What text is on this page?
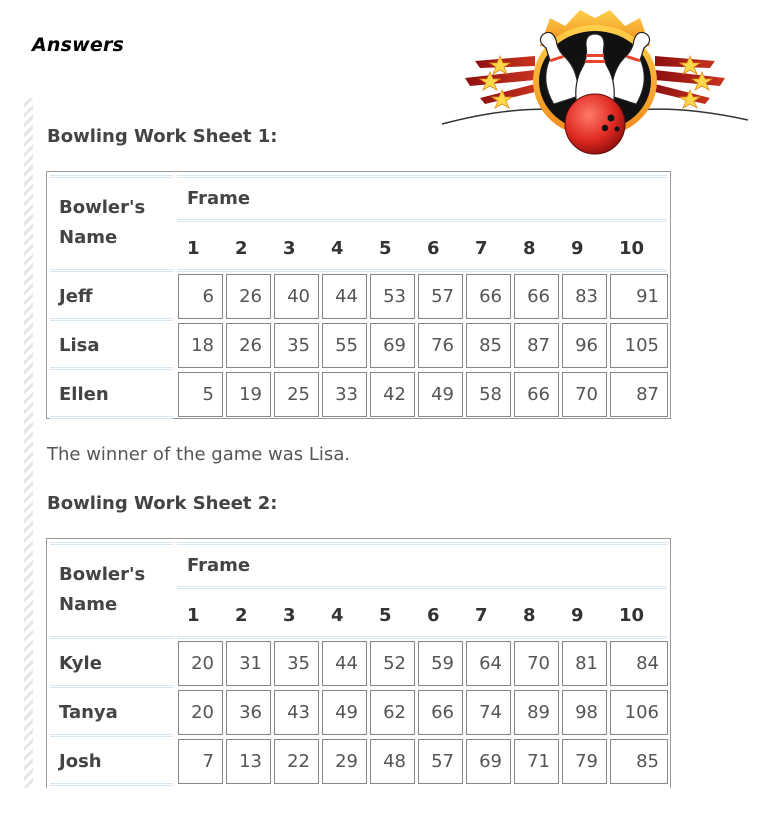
Answers
Bowling Work Sheet 1:
Bowler's
Name
Frame
1 2 3 4 5 6 7 8 9 10
Jeff	6	26	40	44	53	57	66	66	83	91
Lisa	18	26	35	55	69	76	85	87	96	105
Ellen	5	19	25	33	42	49	58	66	70	87
The winner of the game was Lisa.
Bowling Work Sheet 2:
Bowler's
Name
Frame
1 2 3 4 5 6 7 8 9 10
Kyle	20	31	35	44	52	59	64	70	81	84
Tanya	20	36	43	49	62	66	74	89	98	106
Josh	7	13	22	29	48	57	69	71	79	85
